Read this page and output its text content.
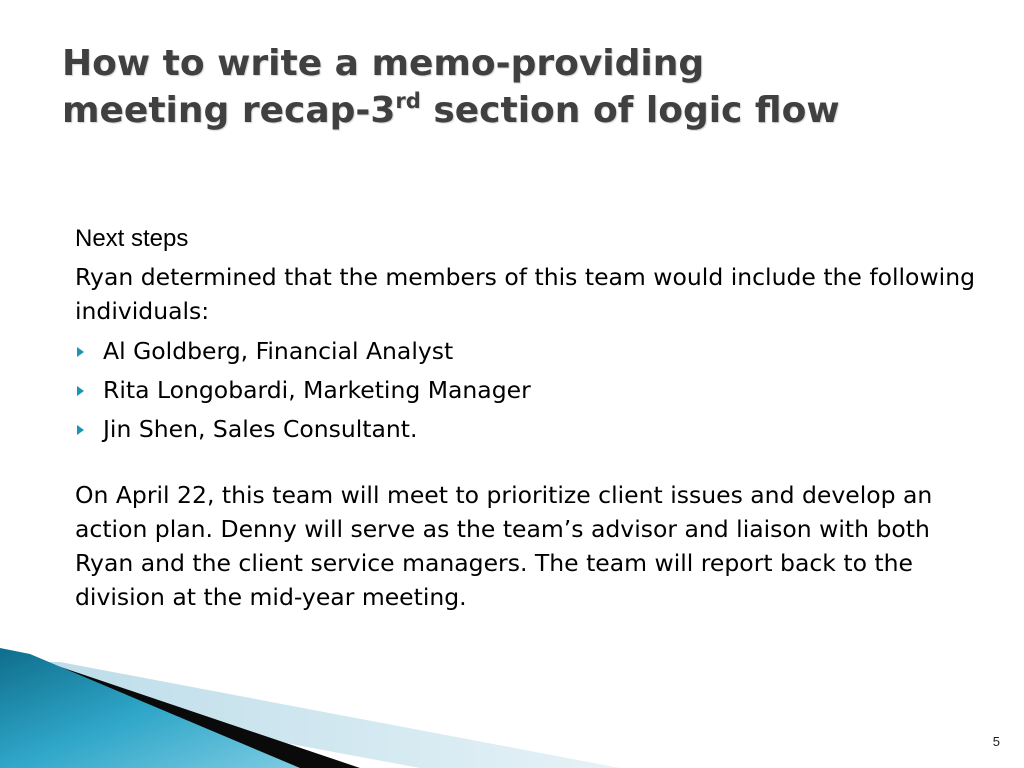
How to write a memo-providing
meeting recap-3rd section of logic flow

Next steps

Ryan determined that the members of this team would include the following individuals:

Al Goldberg, Financial Analyst
Rita Longobardi, Marketing Manager
Jin Shen, Sales Consultant.

On April 22, this team will meet to prioritize client issues and develop an action plan. Denny will serve as the team’s advisor and liaison with both Ryan and the client service managers. The team will report back to the division at the mid-year meeting.

5
